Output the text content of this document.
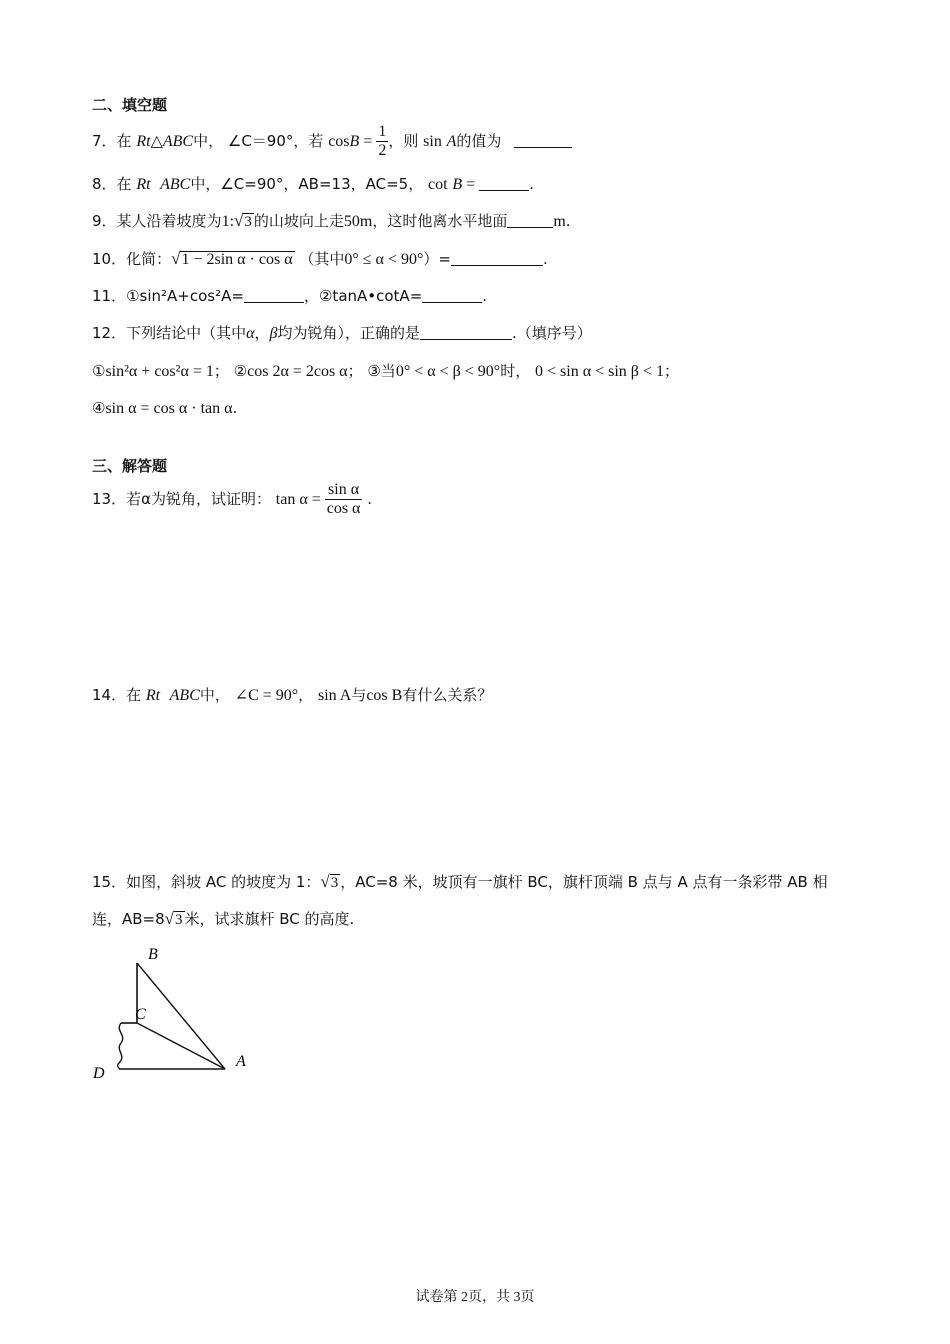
二、填空题
7．在 Rt△ABC中， ∠C＝90°，若 $\cos B = \frac{1}{2}$ ，则 sin A的值为
8．在 Rt ABC中，∠C=90°，AB=13，AC=5， cot B =	.
9．某人沿着坡度为1:√3 的山坡向上走50m，这时他离水平地面	m.
10．化简：√1 − 2sin α · cos α （其中0° ≤ α < 90°）=	.
11．①sin²A+cos²A=	，②tanA•cotA=	.
12．下列结论中（其中α，β均为锐角），正确的是	.（填序号）
①sin²α + cos²α = 1； ②cos 2α = 2cos α； ③当0° < α < β < 90°时， 0 < sin α < sin β < 1；
④sin α = cos α · tan α.
三、解答题
13．若α为锐角，试证明： $\tan \alpha = \frac{\text{sin α}}{\text{cos α}}$ .
14．在 Rt ABC中， ∠C = 90°， sin A与cos B有什么关系？
15．如图，斜坡 AC 的坡度为 1：√3 ，AC=8 米，坡顶有一旗杆 BC，旗杆顶端 B 点与 A 点有一条彩带 AB 相
连，AB=8√3 米，试求旗杆 BC 的高度.
B
C
A
D
试卷第 2页，共 3页
